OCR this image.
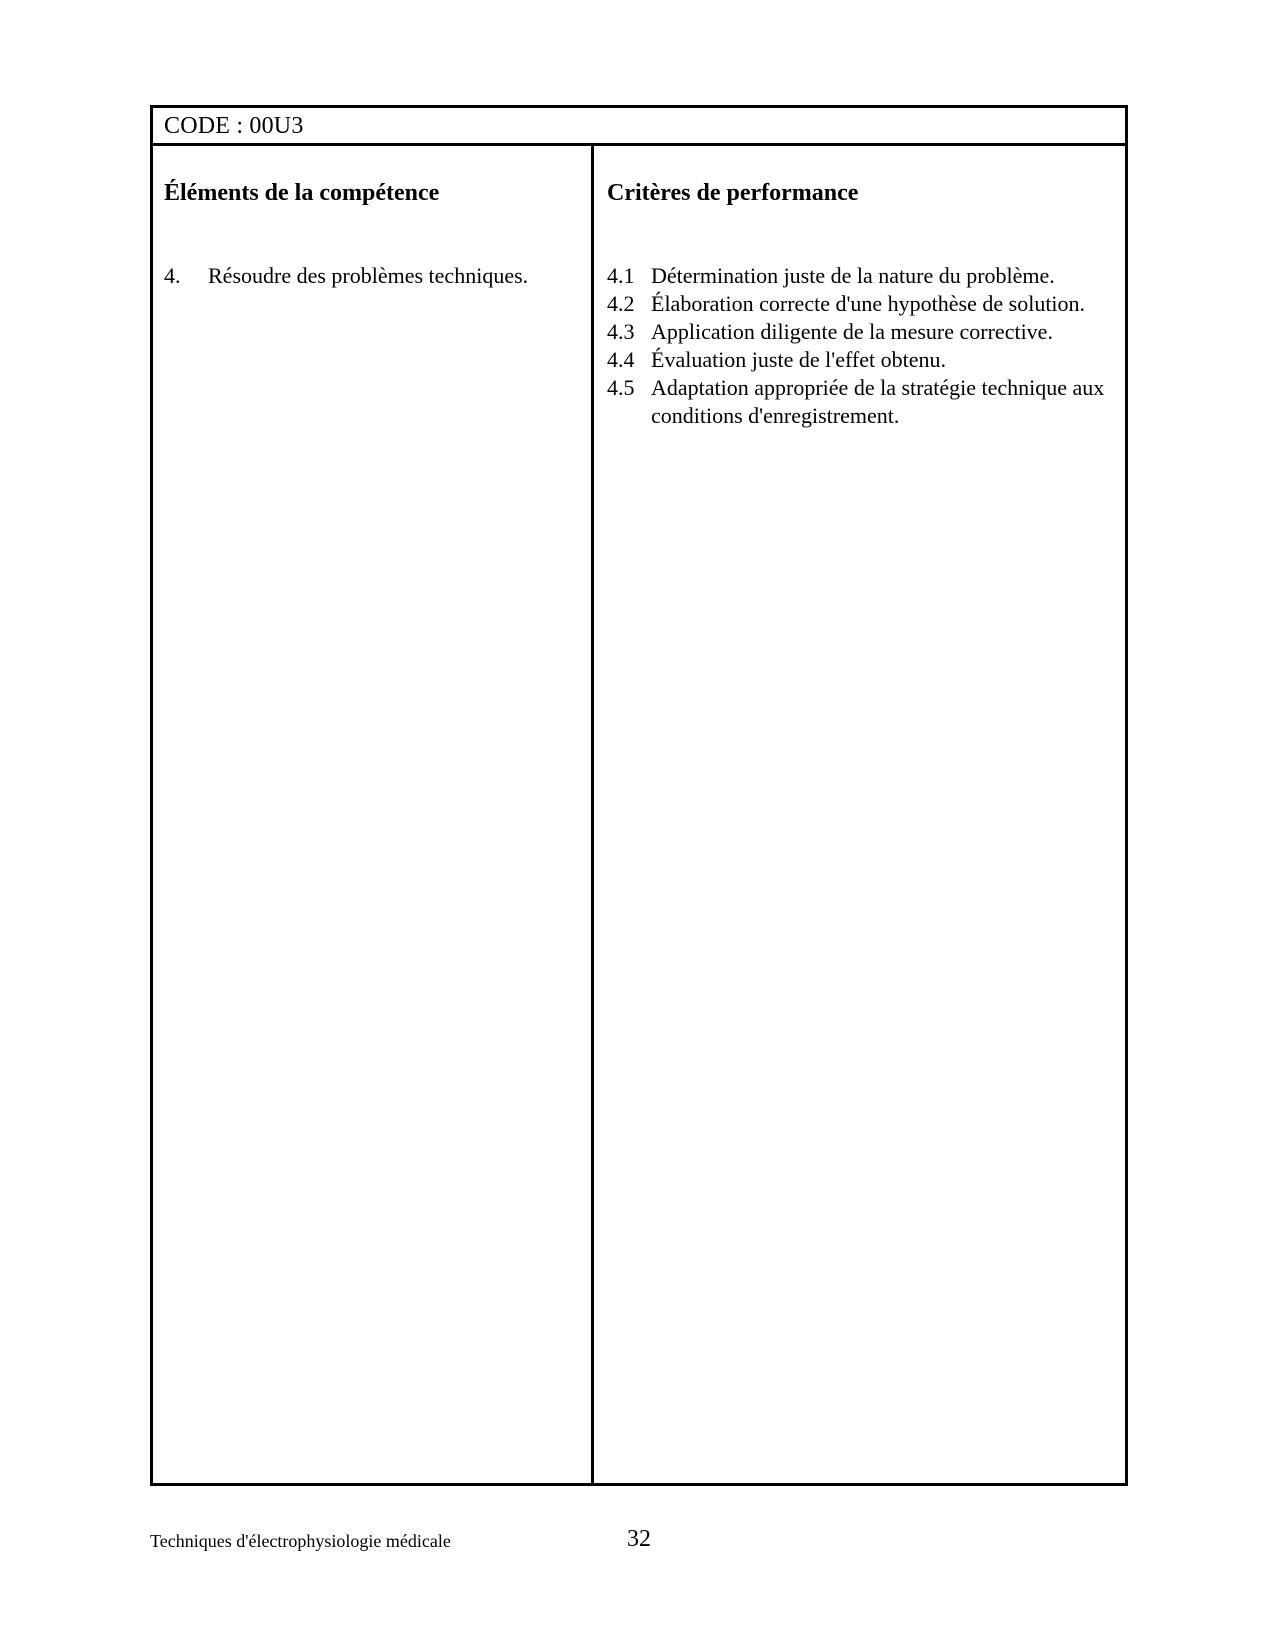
CODE : 00U3
Éléments de la compétence
4. Résoudre des problèmes techniques.
Critères de performance
4.1 Détermination juste de la nature du problème.
4.2 Élaboration correcte d'une hypothèse de solution.
4.3 Application diligente de la mesure corrective.
4.4 Évaluation juste de l'effet obtenu.
4.5 Adaptation appropriée de la stratégie technique aux conditions d'enregistrement.
Techniques d'électrophysiologie médicale	32
